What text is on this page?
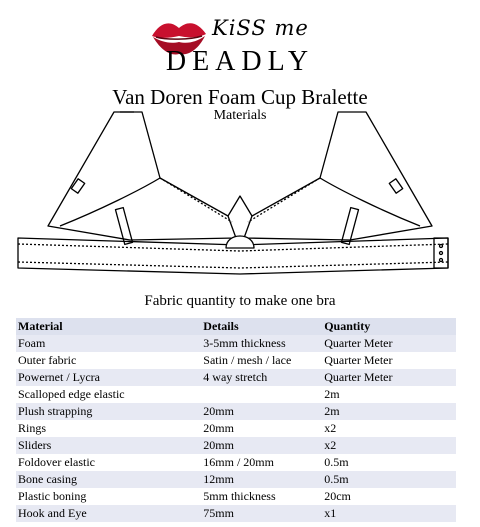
KiSS me
DEADLY
Van Doren Foam Cup Bralette
Materials
Fabric quantity to make one bra
Material	Details	Quantity
Foam	3-5mm thickness	Quarter Meter
Outer fabric	Satin / mesh / lace	Quarter Meter
Powernet / Lycra	4 way stretch	Quarter Meter
Scalloped edge elastic		2m
Plush strapping	20mm	2m
Rings	20mm	x2
Sliders	20mm	x2
Foldover elastic	16mm / 20mm	0.5m
Bone casing	12mm	0.5m
Plastic boning	5mm thickness	20cm
Hook and Eye	75mm	x1
